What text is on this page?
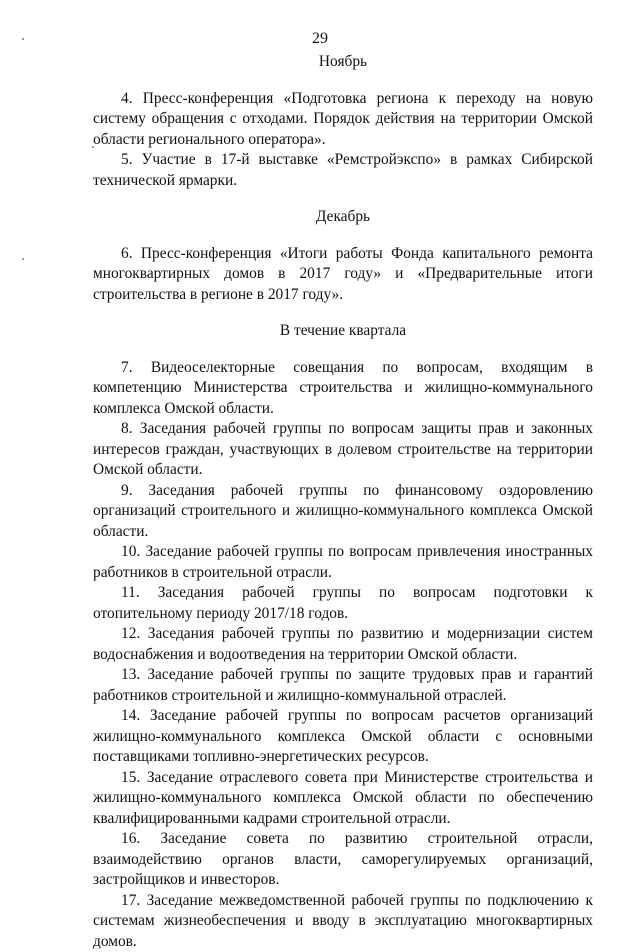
29

Ноябрь

4. Пресс-конференция «Подготовка региона к переходу на новую систему обращения с отходами. Порядок действия на территории Омской области регионального оператора».

5. Участие в 17-й выставке «Ремстройэкспо» в рамках Сибирской технической ярмарки.

Декабрь

6. Пресс-конференция «Итоги работы Фонда капитального ремонта многоквартирных домов в 2017 году» и «Предварительные итоги строительства в регионе в 2017 году».

В течение квартала

7. Видеоселекторные совещания по вопросам, входящим в компетенцию Министерства строительства и жилищно-коммунального комплекса Омской области.

8. Заседания рабочей группы по вопросам защиты прав и законных интересов граждан, участвующих в долевом строительстве на территории Омской области.

9. Заседания рабочей группы по финансовому оздоровлению организаций строительного и жилищно-коммунального комплекса Омской области.

10. Заседание рабочей группы по вопросам привлечения иностранных работников в строительной отрасли.

11. Заседания рабочей группы по вопросам подготовки к отопительному периоду 2017/18 годов.

12. Заседания рабочей группы по развитию и модернизации систем водоснабжения и водоотведения на территории Омской области.

13. Заседание рабочей группы по защите трудовых прав и гарантий работников строительной и жилищно-коммунальной отраслей.

14. Заседание рабочей группы по вопросам расчетов организаций жилищно-коммунального комплекса Омской области с основными поставщиками топливно-энергетических ресурсов.

15. Заседание отраслевого совета при Министерстве строительства и жилищно-коммунального комплекса Омской области по обеспечению квалифицированными кадрами строительной отрасли.

16. Заседание совета по развитию строительной отрасли, взаимодействию органов власти, саморегулируемых организаций, застройщиков и инвесторов.

17. Заседание межведомственной рабочей группы по подключению к системам жизнеобеспечения и вводу в эксплуатацию многоквартирных домов.
